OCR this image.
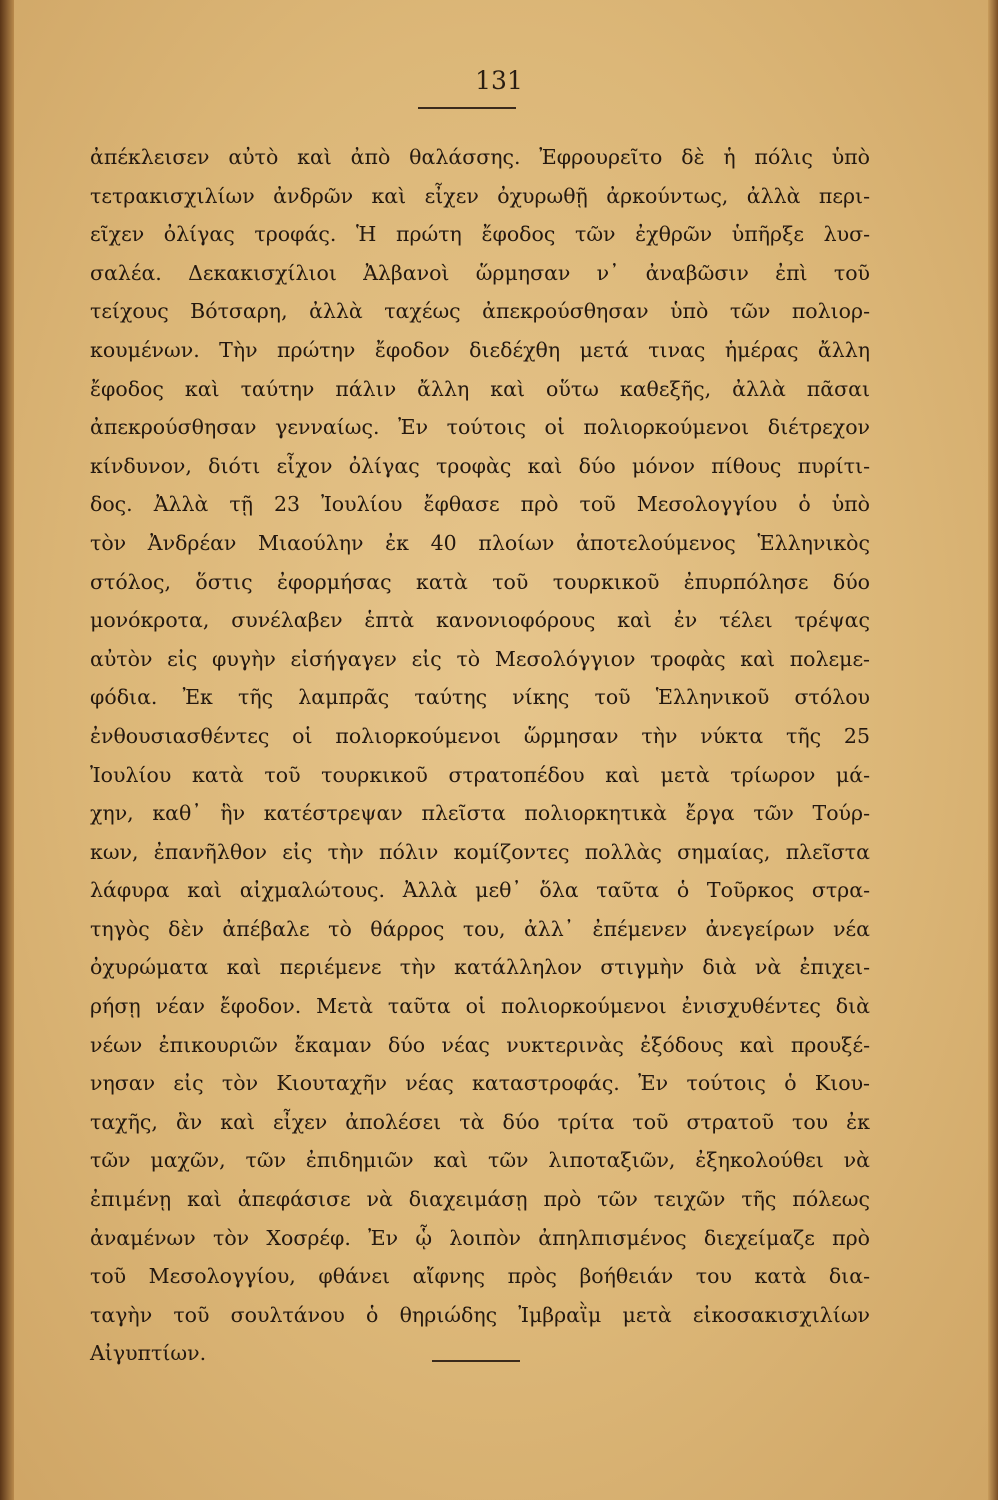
131
ἀπέκλεισεν αὐτὸ καὶ ἀπὸ θαλάσσης. Ἐφρουρεῖτο δὲ ἡ πόλις ὑπὸ
τετρακισχιλίων ἀνδρῶν καὶ εἶχεν ὀχυρωθῇ ἀρκούντως, ἀλλὰ περι-
εῖχεν ὀλίγας τροφάς. Ἡ πρώτη ἔφοδος τῶν ἐχθρῶν ὑπῆρξε λυσ-
σαλέα. Δεκακισχίλιοι Ἀλβανοὶ ὥρμησαν ν᾽ ἀναβῶσιν ἐπὶ τοῦ
τείχους Βότσαρη, ἀλλὰ ταχέως ἀπεκρούσθησαν ὑπὸ τῶν πολιορ-
κουμένων. Τὴν πρώτην ἔφοδον διεδέχθη μετά τινας ἡμέρας ἄλλη
ἔφοδος καὶ ταύτην πάλιν ἄλλη καὶ οὕτω καθεξῆς, ἀλλὰ πᾶσαι
ἀπεκρούσθησαν γενναίως. Ἐν τούτοις οἱ πολιορκούμενοι διέτρεχον
κίνδυνον, διότι εἶχον ὀλίγας τροφὰς καὶ δύο μόνον πίθους πυρίτι-
δος. Ἀλλὰ τῇ 23 Ἰουλίου ἔφθασε πρὸ τοῦ Μεσολογγίου ὁ ὑπὸ
τὸν Ἀνδρέαν Μιαούλην ἐκ 40 πλοίων ἀποτελούμενος Ἑλληνικὸς
στόλος, ὅστις ἐφορμήσας κατὰ τοῦ τουρκικοῦ ἐπυρπόλησε δύο
μονόκροτα, συνέλαβεν ἑπτὰ κανονιοφόρους καὶ ἐν τέλει τρέψας
αὐτὸν εἰς φυγὴν εἰσήγαγεν εἰς τὸ Μεσολόγγιον τροφὰς καὶ πολεμε-
φόδια. Ἐκ τῆς λαμπρᾶς ταύτης νίκης τοῦ Ἑλληνικοῦ στόλου
ἐνθουσιασθέντες οἱ πολιορκούμενοι ὥρμησαν τὴν νύκτα τῆς 25
Ἰουλίου κατὰ τοῦ τουρκικοῦ στρατοπέδου καὶ μετὰ τρίωρον μά-
χην, καθ᾽ ἣν κατέστρεψαν πλεῖστα πολιορκητικὰ ἔργα τῶν Τούρ-
κων, ἐπανῆλθον εἰς τὴν πόλιν κομίζοντες πολλὰς σημαίας, πλεῖστα
λάφυρα καὶ αἰχμαλώτους. Ἀλλὰ μεθ᾽ ὅλα ταῦτα ὁ Τοῦρκος στρα-
τηγὸς δὲν ἀπέβαλε τὸ θάρρος του, ἀλλ᾽ ἐπέμενεν ἀνεγείρων νέα
ὀχυρώματα καὶ περιέμενε τὴν κατάλληλον στιγμὴν διὰ νὰ ἐπιχει-
ρήσῃ νέαν ἔφοδον. Μετὰ ταῦτα οἱ πολιορκούμενοι ἐνισχυθέντες διὰ
νέων ἐπικουριῶν ἔκαμαν δύο νέας νυκτερινὰς ἐξόδους καὶ προυξέ-
νησαν εἰς τὸν Κιουταχῆν νέας καταστροφάς. Ἐν τούτοις ὁ Κιου-
ταχῆς, ἂν καὶ εἶχεν ἀπολέσει τὰ δύο τρίτα τοῦ στρατοῦ του ἐκ
τῶν μαχῶν, τῶν ἐπιδημιῶν καὶ τῶν λιποταξιῶν, ἐξηκολούθει νὰ
ἐπιμένῃ καὶ ἀπεφάσισε νὰ διαχειμάσῃ πρὸ τῶν τειχῶν τῆς πόλεως
ἀναμένων τὸν Χοσρέφ. Ἐν ᾧ λοιπὸν ἀπηλπισμένος διεχείμαζε πρὸ
τοῦ Μεσολογγίου, φθάνει αἴφνης πρὸς βοήθειάν του κατὰ δια-
ταγὴν τοῦ σουλτάνου ὁ θηριώδης Ἰμβραῒμ μετὰ εἰκοσακισχιλίων
Αἰγυπτίων.
